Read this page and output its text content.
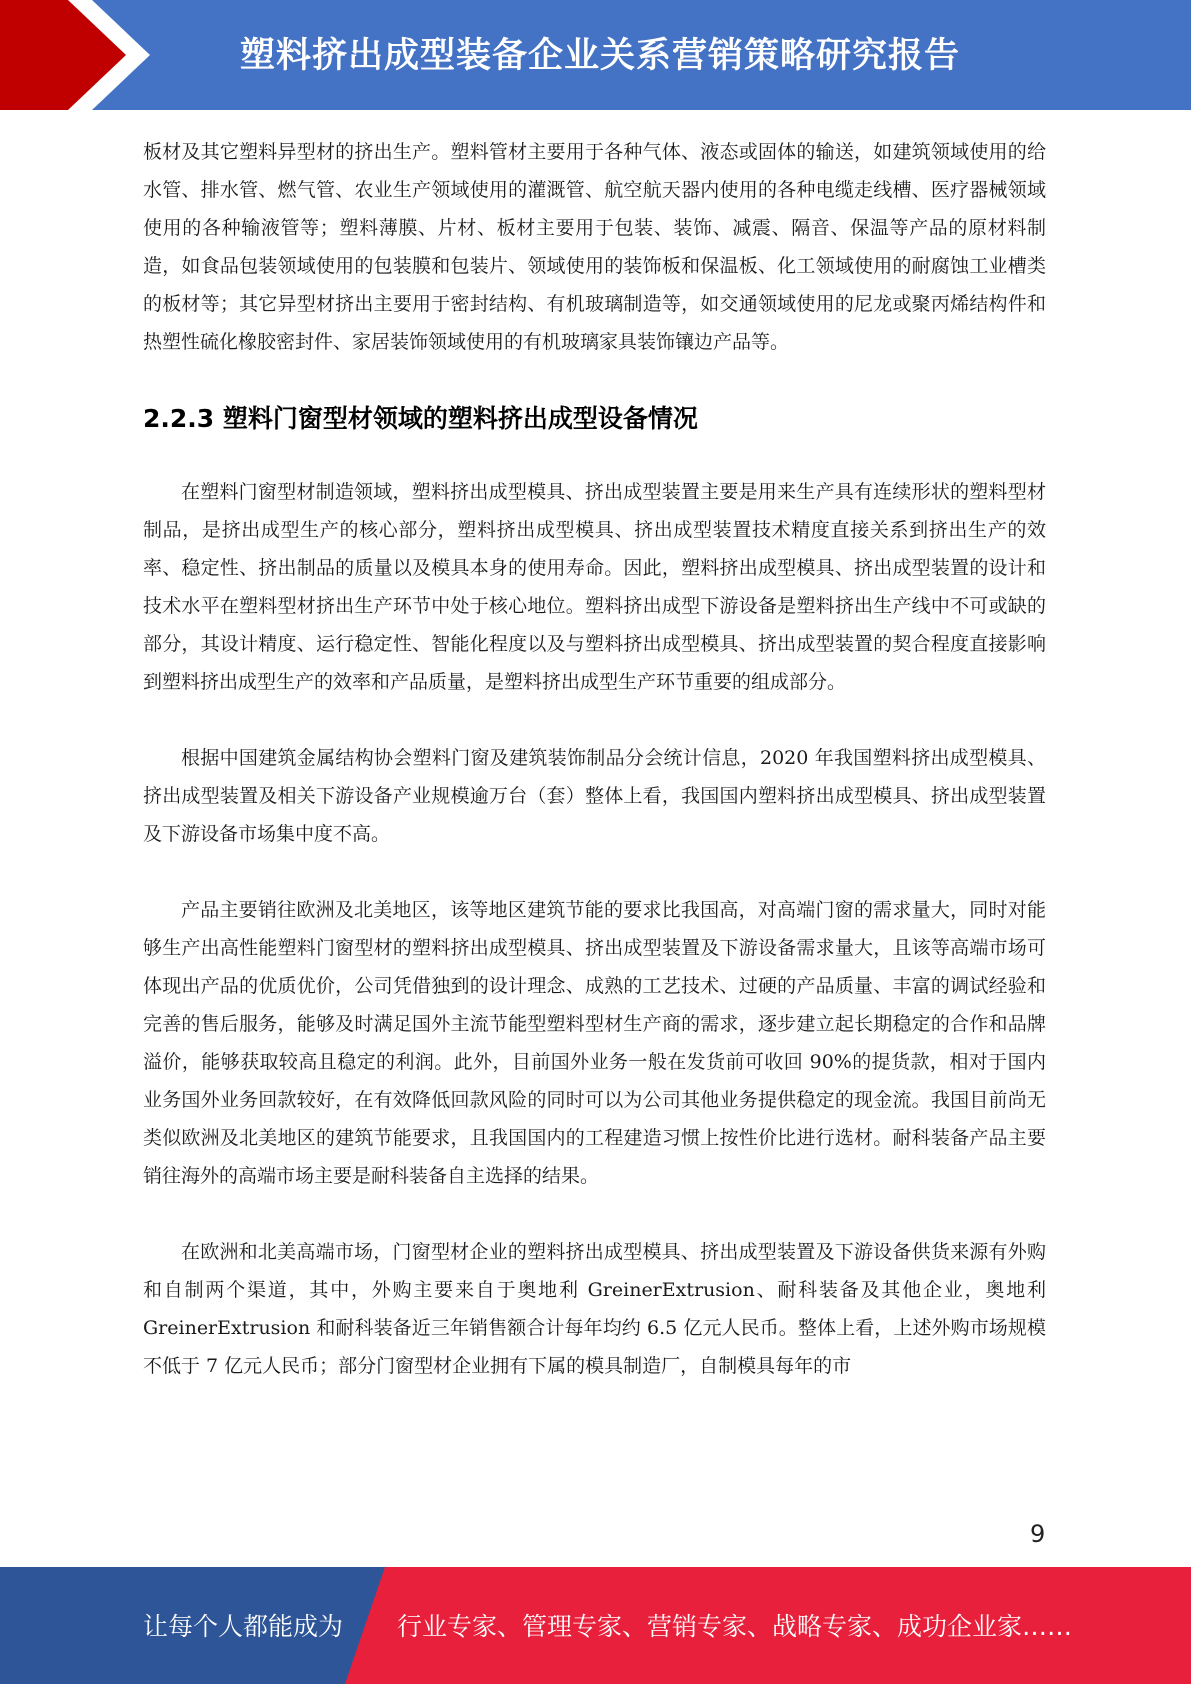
塑料挤出成型装备企业关系营销策略研究报告

板材及其它塑料异型材的挤出生产。塑料管材主要用于各种气体、液态或固体的输送，如建筑领域使用的给水管、排水管、燃气管、农业生产领域使用的灌溉管、航空航天器内使用的各种电缆走线槽、医疗器械领域使用的各种输液管等；塑料薄膜、片材、板材主要用于包装、装饰、减震、隔音、保温等产品的原材料制造，如食品包装领域使用的包装膜和包装片、领域使用的装饰板和保温板、化工领域使用的耐腐蚀工业槽类的板材等；其它异型材挤出主要用于密封结构、有机玻璃制造等，如交通领域使用的尼龙或聚丙烯结构件和热塑性硫化橡胶密封件、家居装饰领域使用的有机玻璃家具装饰镶边产品等。

2.2.3 塑料门窗型材领域的塑料挤出成型设备情况

在塑料门窗型材制造领域，塑料挤出成型模具、挤出成型装置主要是用来生产具有连续形状的塑料型材制品，是挤出成型生产的核心部分，塑料挤出成型模具、挤出成型装置技术精度直接关系到挤出生产的效率、稳定性、挤出制品的质量以及模具本身的使用寿命。因此，塑料挤出成型模具、挤出成型装置的设计和技术水平在塑料型材挤出生产环节中处于核心地位。塑料挤出成型下游设备是塑料挤出生产线中不可或缺的部分，其设计精度、运行稳定性、智能化程度以及与塑料挤出成型模具、挤出成型装置的契合程度直接影响到塑料挤出成型生产的效率和产品质量，是塑料挤出成型生产环节重要的组成部分。

根据中国建筑金属结构协会塑料门窗及建筑装饰制品分会统计信息，2020 年我国塑料挤出成型模具、挤出成型装置及相关下游设备产业规模逾万台（套）整体上看，我国国内塑料挤出成型模具、挤出成型装置及下游设备市场集中度不高。

产品主要销往欧洲及北美地区，该等地区建筑节能的要求比我国高，对高端门窗的需求量大，同时对能够生产出高性能塑料门窗型材的塑料挤出成型模具、挤出成型装置及下游设备需求量大，且该等高端市场可体现出产品的优质优价，公司凭借独到的设计理念、成熟的工艺技术、过硬的产品质量、丰富的调试经验和完善的售后服务，能够及时满足国外主流节能型塑料型材生产商的需求，逐步建立起长期稳定的合作和品牌溢价，能够获取较高且稳定的利润。此外，目前国外业务一般在发货前可收回 90%的提货款，相对于国内业务国外业务回款较好，在有效降低回款风险的同时可以为公司其他业务提供稳定的现金流。我国目前尚无类似欧洲及北美地区的建筑节能要求，且我国国内的工程建造习惯上按性价比进行选材。耐科装备产品主要销往海外的高端市场主要是耐科装备自主选择的结果。

在欧洲和北美高端市场，门窗型材企业的塑料挤出成型模具、挤出成型装置及下游设备供货来源有外购和自制两个渠道，其中，外购主要来自于奥地利 GreinerExtrusion、耐科装备及其他企业，奥地利 GreinerExtrusion 和耐科装备近三年销售额合计每年均约 6.5 亿元人民币。整体上看，上述外购市场规模不低于 7 亿元人民币；部分门窗型材企业拥有下属的模具制造厂，自制模具每年的市

9
让每个人都能成为 行业专家、管理专家、营销专家、战略专家、成功企业家……
